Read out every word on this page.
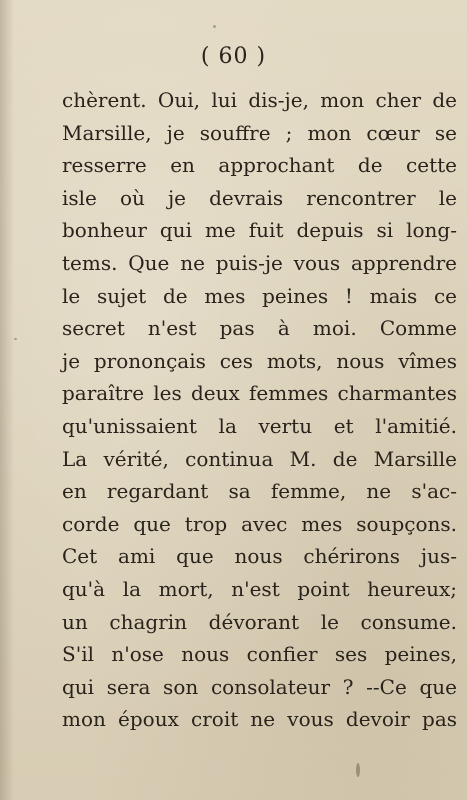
( 60 )
chèrent. Oui, lui dis-je, mon cher de
Marsille, je souffre ; mon cœur se
resserre en approchant de cette
isle où je devrais rencontrer le
bonheur qui me fuit depuis si long-
tems. Que ne puis-je vous apprendre
le sujet de mes peines ! mais ce
secret n'est pas à moi. Comme
je prononçais ces mots, nous vîmes
paraître les deux femmes charmantes
qu'unissaient la vertu et l'amitié.
La vérité, continua M. de Marsille
en regardant sa femme, ne s'ac-
corde que trop avec mes soupçons.
Cet ami que nous chérirons jus-
qu'à la mort, n'est point heureux;
un chagrin dévorant le consume.
S'il n'ose nous confier ses peines,
qui sera son consolateur ? --Ce que
mon époux croit ne vous devoir pas
